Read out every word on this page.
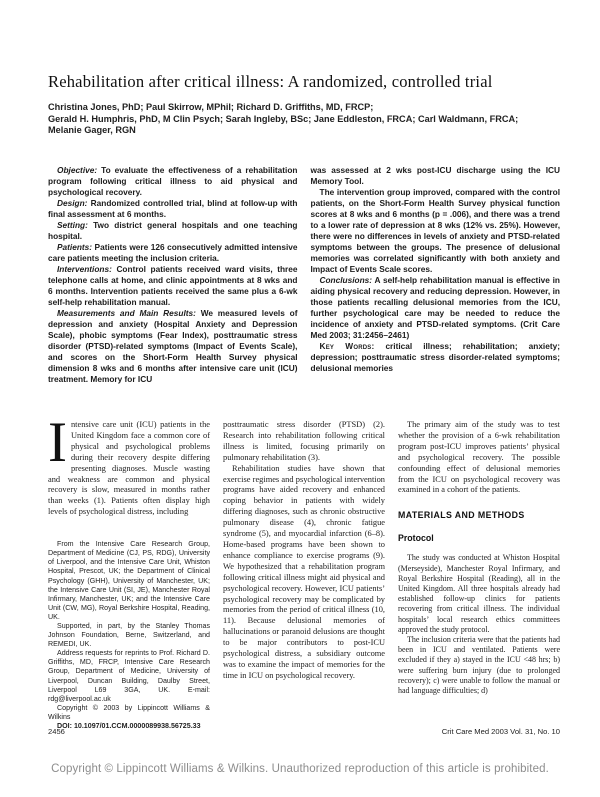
Rehabilitation after critical illness: A randomized, controlled trial
Christina Jones, PhD; Paul Skirrow, MPhil; Richard D. Griffiths, MD, FRCP;
Gerald H. Humphris, PhD, M Clin Psych; Sarah Ingleby, BSc; Jane Eddleston, FRCA; Carl Waldmann, FRCA;
Melanie Gager, RGN

Objective: To evaluate the effectiveness of a rehabilitation program following critical illness to aid physical and psychological recovery.

Design: Randomized controlled trial, blind at follow-up with final assessment at 6 months.

Setting: Two district general hospitals and one teaching hospital.

Patients: Patients were 126 consecutively admitted intensive care patients meeting the inclusion criteria.

Interventions: Control patients received ward visits, three telephone calls at home, and clinic appointments at 8 wks and 6 months. Intervention patients received the same plus a 6-wk self-help rehabilitation manual.

Measurements and Main Results: We measured levels of depression and anxiety (Hospital Anxiety and Depression Scale), phobic symptoms (Fear Index), posttraumatic stress disorder (PTSD)-related symptoms (Impact of Events Scale), and scores on the Short-Form Health Survey physical dimension 8 wks and 6 months after intensive care unit (ICU) treatment. Memory for ICU

was assessed at 2 wks post-ICU discharge using the ICU Memory Tool.

The intervention group improved, compared with the control patients, on the Short-Form Health Survey physical function scores at 8 wks and 6 months (p = .006), and there was a trend to a lower rate of depression at 8 wks (12% vs. 25%). However, there were no differences in levels of anxiety and PTSD-related symptoms between the groups. The presence of delusional memories was correlated significantly with both anxiety and Impact of Events Scale scores.

Conclusions: A self-help rehabilitation manual is effective in aiding physical recovery and reducing depression. However, in those patients recalling delusional memories from the ICU, further psychological care may be needed to reduce the incidence of anxiety and PTSD-related symptoms. (Crit Care Med 2003; 31:2456–2461)

Key Words: critical illness; rehabilitation; anxiety; depression; posttraumatic stress disorder-related symptoms; delusional memories

Intensive care unit (ICU) patients in the United Kingdom face a common core of physical and psychological problems during their recovery despite differing presenting diagnoses. Muscle wasting and weakness are common and physical recovery is slow, measured in months rather than weeks (1). Patients often display high levels of psychological distress, including

From the Intensive Care Research Group, Department of Medicine (CJ, PS, RDG), University of Liverpool, and the Intensive Care Unit, Whiston Hospital, Prescot, UK; the Department of Clinical Psychology (GHH), University of Manchester, UK; the Intensive Care Unit (SI, JE), Manchester Royal Infirmary, Manchester, UK; and the Intensive Care Unit (CW, MG), Royal Berkshire Hospital, Reading, UK.

Supported, in part, by the Stanley Thomas Johnson Foundation, Berne, Switzerland, and REMEDI, UK.

Address requests for reprints to Prof. Richard D. Griffiths, MD, FRCP, Intensive Care Research Group, Department of Medicine, University of Liverpool, Duncan Building, Daulby Street, Liverpool L69 3GA, UK. E-mail: rdg@liverpool.ac.uk

Copyright © 2003 by Lippincott Williams & Wilkins

DOI: 10.1097/01.CCM.0000089938.56725.33

posttraumatic stress disorder (PTSD) (2). Research into rehabilitation following critical illness is limited, focusing primarily on pulmonary rehabilitation (3).

Rehabilitation studies have shown that exercise regimes and psychological intervention programs have aided recovery and enhanced coping behavior in patients with widely differing diagnoses, such as chronic obstructive pulmonary disease (4), chronic fatigue syndrome (5), and myocardial infarction (6–8). Home-based programs have been shown to enhance compliance to exercise programs (9). We hypothesized that a rehabilitation program following critical illness might aid physical and psychological recovery. However, ICU patients’ psychological recovery may be complicated by memories from the period of critical illness (10, 11). Because delusional memories of hallucinations or paranoid delusions are thought to be major contributors to post-ICU psychological distress, a subsidiary outcome was to examine the impact of memories for the time in ICU on psychological recovery.

The primary aim of the study was to test whether the provision of a 6-wk rehabilitation program post-ICU improves patients’ physical and psychological recovery. The possible confounding effect of delusional memories from the ICU on psychological recovery was examined in a cohort of the patients.

MATERIALS AND METHODS
Protocol

The study was conducted at Whiston Hospital (Merseyside), Manchester Royal Infirmary, and Royal Berkshire Hospital (Reading), all in the United Kingdom. All three hospitals already had established follow-up clinics for patients recovering from critical illness. The individual hospitals’ local research ethics committees approved the study protocol.

The inclusion criteria were that the patients had been in ICU and ventilated. Patients were excluded if they a) stayed in the ICU <48 hrs; b) were suffering burn injury (due to prolonged recovery); c) were unable to follow the manual or had language difficulties; d)

2456	Crit Care Med 2003 Vol. 31, No. 10
Copyright © Lippincott Williams & Wilkins. Unauthorized reproduction of this article is prohibited.
